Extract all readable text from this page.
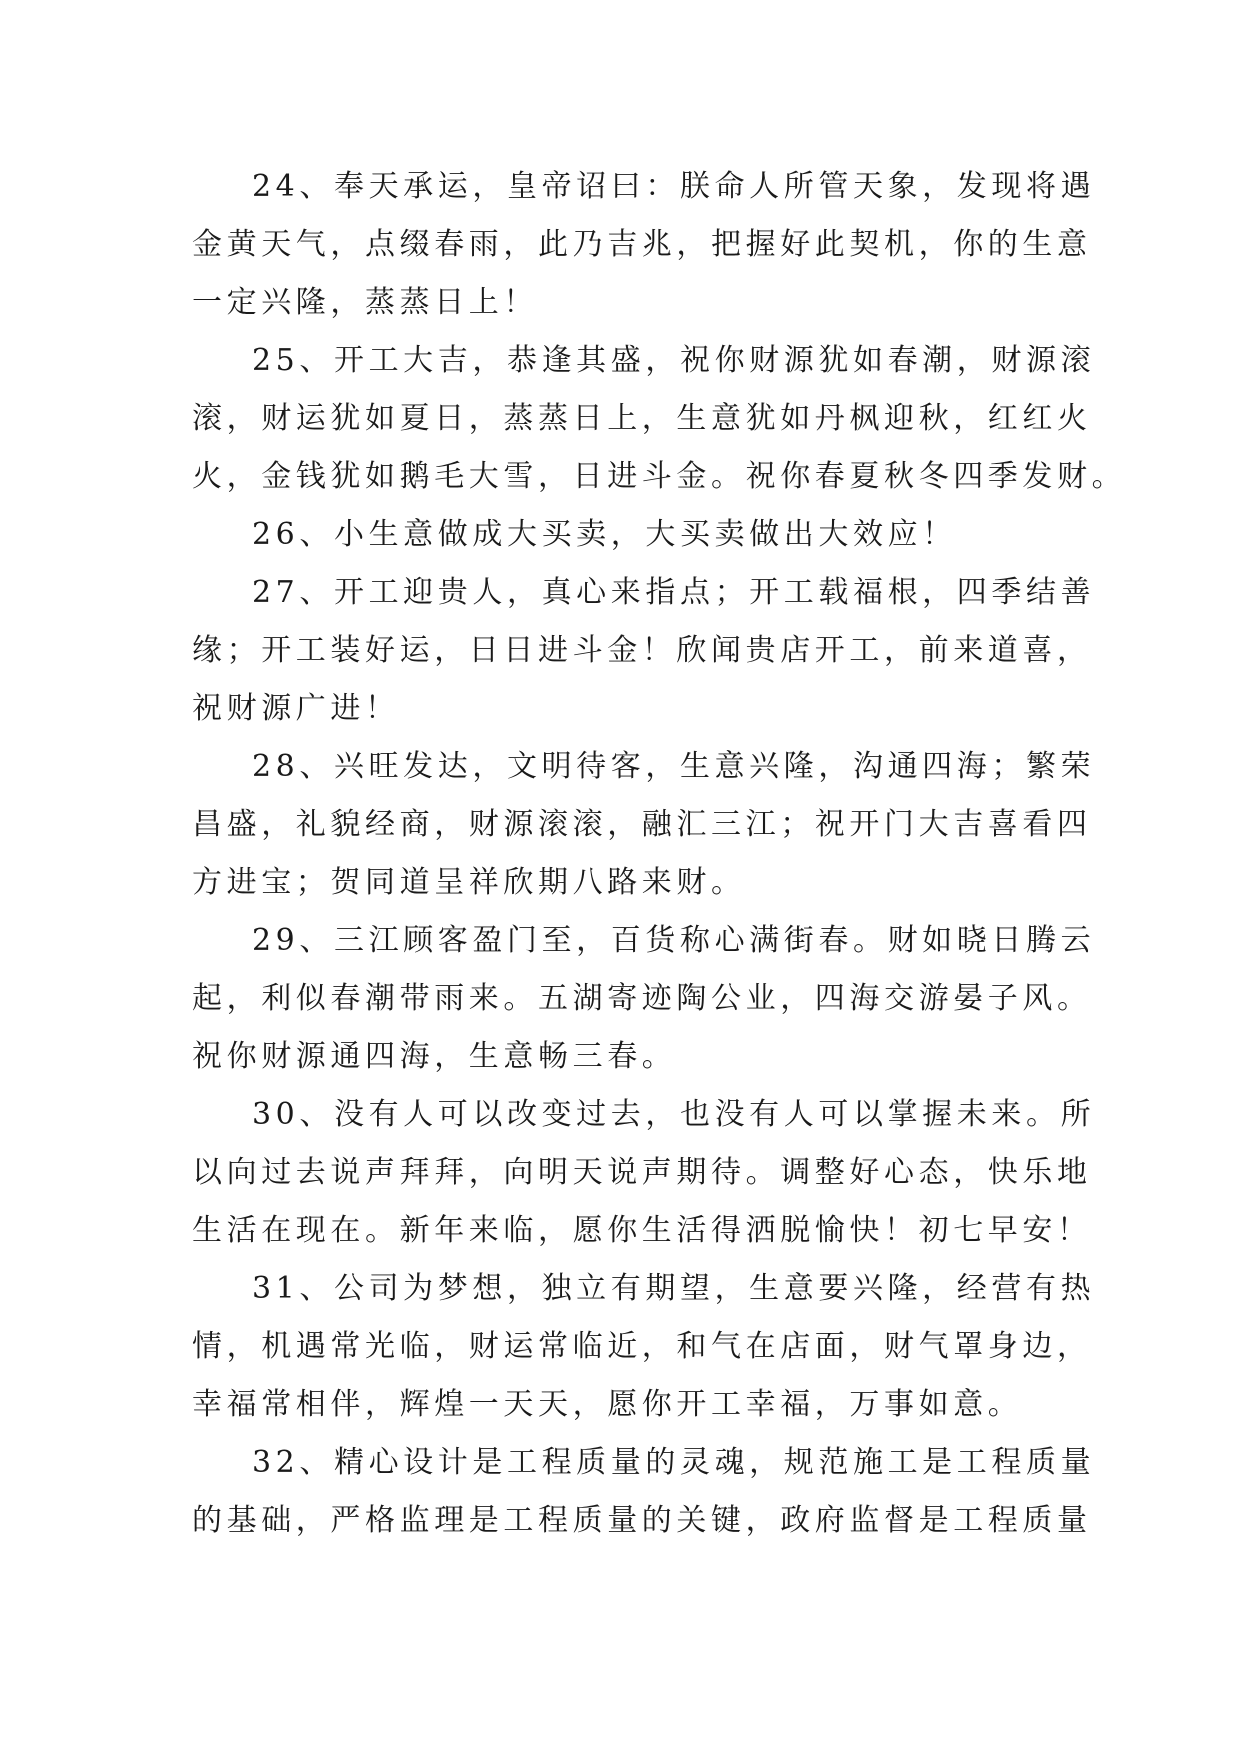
24、奉天承运，皇帝诏曰：朕命人所管天象，发现将遇
金黄天气，点缀春雨，此乃吉兆，把握好此契机，你的生意
一定兴隆，蒸蒸日上！
25、开工大吉，恭逢其盛，祝你财源犹如春潮，财源滚
滚，财运犹如夏日，蒸蒸日上，生意犹如丹枫迎秋，红红火
火，金钱犹如鹅毛大雪，日进斗金。祝你春夏秋冬四季发财。
26、小生意做成大买卖，大买卖做出大效应！
27、开工迎贵人，真心来指点；开工载福根，四季结善
缘；开工装好运，日日进斗金！欣闻贵店开工，前来道喜，
祝财源广进！
28、兴旺发达，文明待客，生意兴隆，沟通四海；繁荣
昌盛，礼貌经商，财源滚滚，融汇三江；祝开门大吉喜看四
方进宝；贺同道呈祥欣期八路来财。
29、三江顾客盈门至，百货称心满街春。财如晓日腾云
起，利似春潮带雨来。五湖寄迹陶公业，四海交游晏子风。
祝你财源通四海，生意畅三春。
30、没有人可以改变过去，也没有人可以掌握未来。所
以向过去说声拜拜，向明天说声期待。调整好心态，快乐地
生活在现在。新年来临，愿你生活得洒脱愉快！初七早安！
31、公司为梦想，独立有期望，生意要兴隆，经营有热
情，机遇常光临，财运常临近，和气在店面，财气罩身边，
幸福常相伴，辉煌一天天，愿你开工幸福，万事如意。
32、精心设计是工程质量的灵魂，规范施工是工程质量
的基础，严格监理是工程质量的关键，政府监督是工程质量
